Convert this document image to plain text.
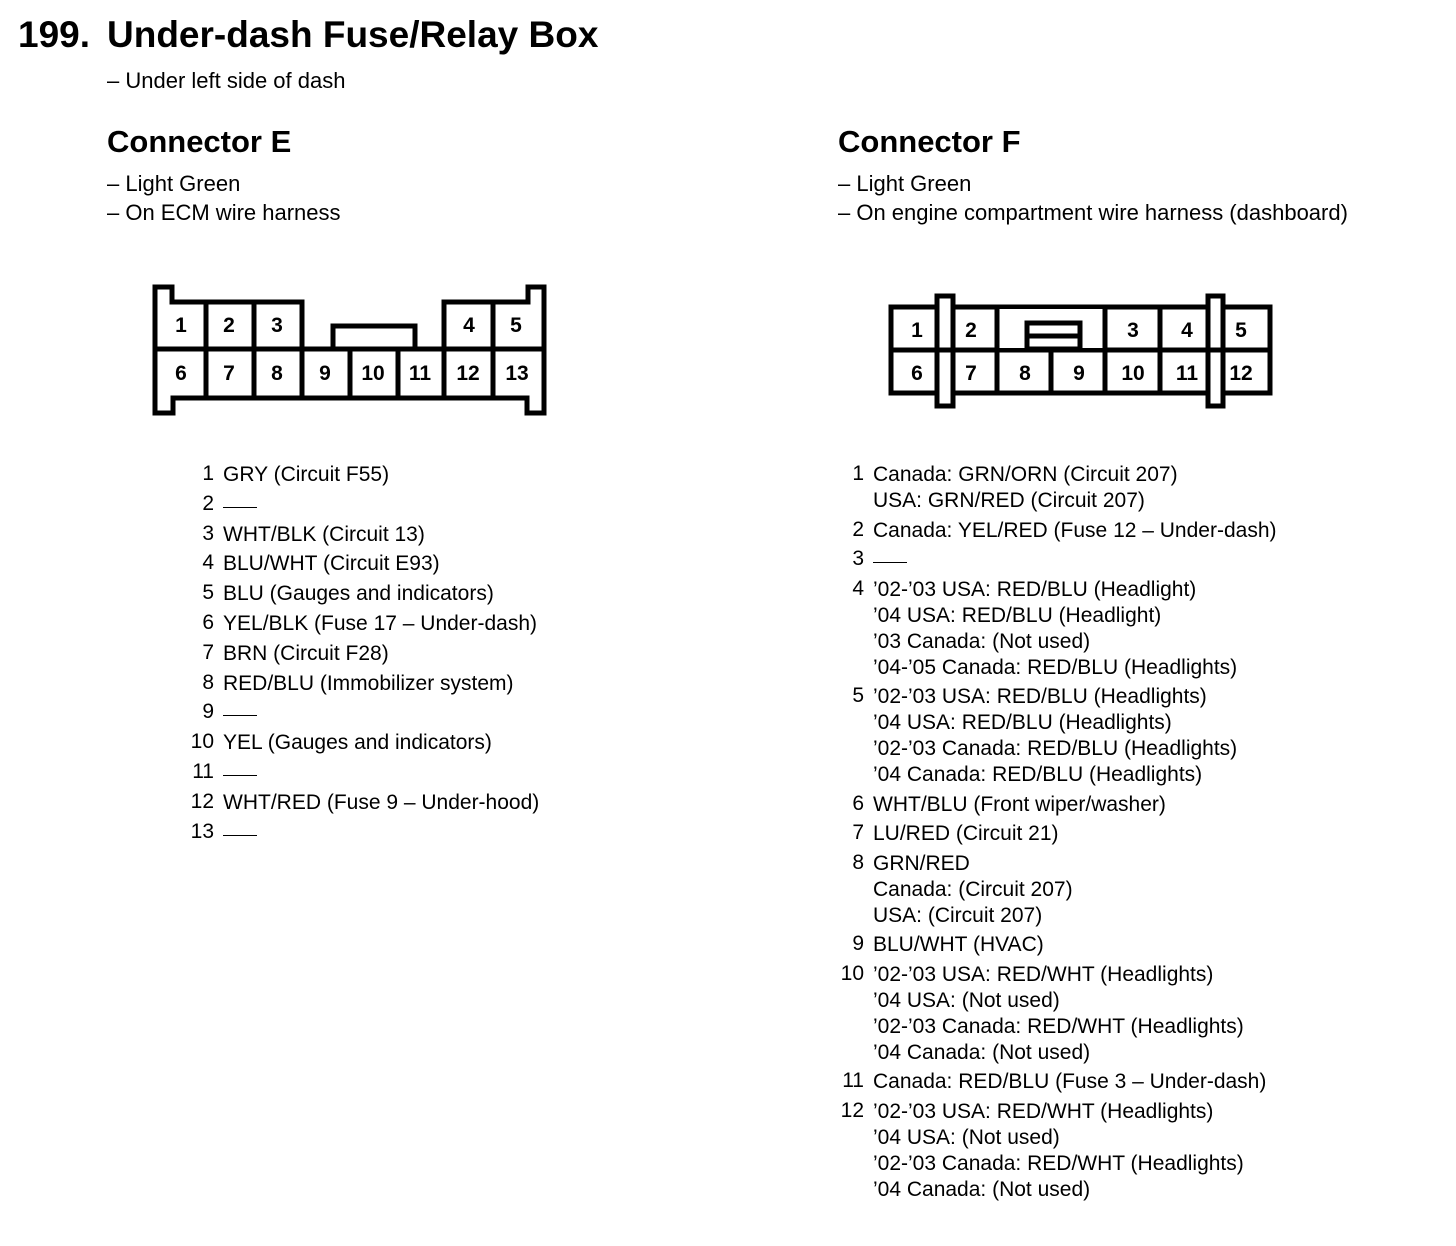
199. Under-dash Fuse/Relay Box
– Under left side of dash
Connector E
– Light Green
– On ECM wire harness
Connector F
– Light Green
– On engine compartment wire harness (dashboard)
1 2 3	4 5
6 7 8 9 10 11 12 13
1 2	3 4 5
6 7 8 9 10 11 12
1 GRY (Circuit F55)
2
3 WHT/BLK (Circuit 13)
4 BLU/WHT (Circuit E93)
5 BLU (Gauges and indicators)
6 YEL/BLK (Fuse 17 – Under-dash)
7 BRN (Circuit F28)
8 RED/BLU (Immobilizer system)
9
10 YEL (Gauges and indicators)
11
12 WHT/RED (Fuse 9 – Under-hood)
13
1 Canada: GRN/ORN (Circuit 207)
USA: GRN/RED (Circuit 207)
2 Canada: YEL/RED (Fuse 12 – Under-dash)
3
4 ’02-’03 USA: RED/BLU (Headlight)
’04 USA: RED/BLU (Headlight)
’03 Canada: (Not used)
’04-’05 Canada: RED/BLU (Headlights)
5 ’02-’03 USA: RED/BLU (Headlights)
’04 USA: RED/BLU (Headlights)
’02-’03 Canada: RED/BLU (Headlights)
’04 Canada: RED/BLU (Headlights)
6 WHT/BLU (Front wiper/washer)
7 LU/RED (Circuit 21)
8 GRN/RED
Canada: (Circuit 207)
USA: (Circuit 207)
9 BLU/WHT (HVAC)
10 ’02-’03 USA: RED/WHT (Headlights)
’04 USA: (Not used)
’02-’03 Canada: RED/WHT (Headlights)
’04 Canada: (Not used)
11 Canada: RED/BLU (Fuse 3 – Under-dash)
12 ’02-’03 USA: RED/WHT (Headlights)
’04 USA: (Not used)
’02-’03 Canada: RED/WHT (Headlights)
’04 Canada: (Not used)
